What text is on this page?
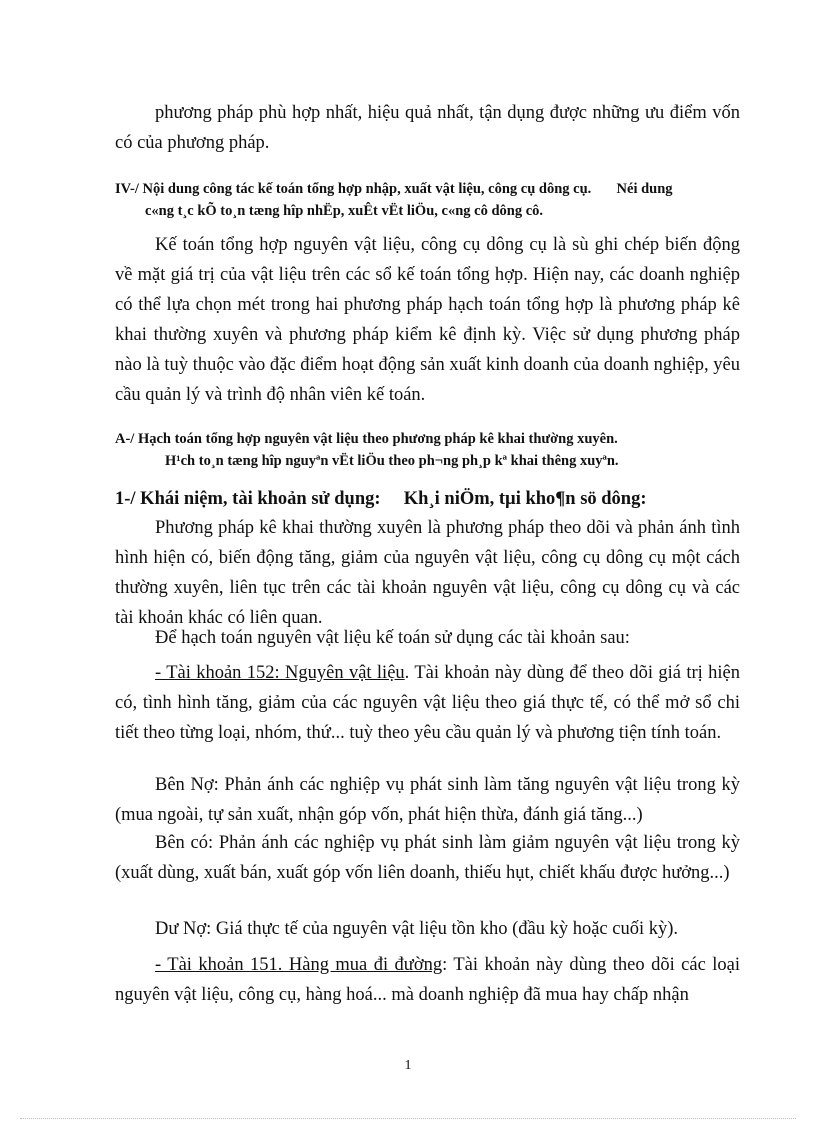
phương pháp phù hợp nhất, hiệu quả nhất, tận dụng được những ưu điểm vốn có của phương pháp.

IV-/ Nội dung công tác kế toán tổng hợp nhập, xuất vật liệu, công cụ dông cụ. Néi dung
c«ng t¸c kÕ to¸n tæng hîp nhËp, xuÊt vËt liÖu, c«ng cô dông cô.

Kế toán tổng hợp nguyên vật liệu, công cụ dông cụ là sù ghi chép biến động về mặt giá trị của vật liệu trên các sổ kế toán tổng hợp. Hiện nay, các doanh nghiệp có thể lựa chọn mét trong hai phương pháp hạch toán tổng hợp là phương pháp kê khai thường xuyên và phương pháp kiểm kê định kỳ. Việc sử dụng phương pháp nào là tuỳ thuộc vào đặc điểm hoạt động sản xuất kinh doanh của doanh nghiệp, yêu cầu quản lý và trình độ nhân viên kế toán.

A-/ Hạch toán tổng hợp nguyên vật liệu theo phương pháp kê khai thường xuyên.
H¹ch to¸n tæng hîp nguyªn vËt liÖu theo ph¬ng ph¸p kª khai thêng xuyªn.
1-/ Khái niệm, tài khoản sử dụng: Kh¸i niÖm, tµi kho¶n sö dông:

Phương pháp kê khai thường xuyên là phương pháp theo dõi và phản ánh tình hình hiện có, biến động tăng, giảm của nguyên vật liệu, công cụ dông cụ một cách thường xuyên, liên tục trên các tài khoản nguyên vật liệu, công cụ dông cụ và các tài khoản khác có liên quan.

Để hạch toán nguyên vật liệu kế toán sử dụng các tài khoản sau:

- Tài khoản 152: Nguyên vật liệu. Tài khoản này dùng để theo dõi giá trị hiện có, tình hình tăng, giảm của các nguyên vật liệu theo giá thực tế, có thể mở sổ chi tiết theo từng loại, nhóm, thứ... tuỳ theo yêu cầu quản lý và phương tiện tính toán.

Bên Nợ: Phản ánh các nghiệp vụ phát sinh làm tăng nguyên vật liệu trong kỳ (mua ngoài, tự sản xuất, nhận góp vốn, phát hiện thừa, đánh giá tăng...)

Bên có: Phản ánh các nghiệp vụ phát sinh làm giảm nguyên vật liệu trong kỳ (xuất dùng, xuất bán, xuất góp vốn liên doanh, thiếu hụt, chiết khấu được hưởng...)

Dư Nợ: Giá thực tế của nguyên vật liệu tồn kho (đầu kỳ hoặc cuối kỳ).

- Tài khoản 151. Hàng mua đi đường: Tài khoản này dùng theo dõi các loại nguyên vật liệu, công cụ, hàng hoá... mà doanh nghiệp đã mua hay chấp nhận

1
